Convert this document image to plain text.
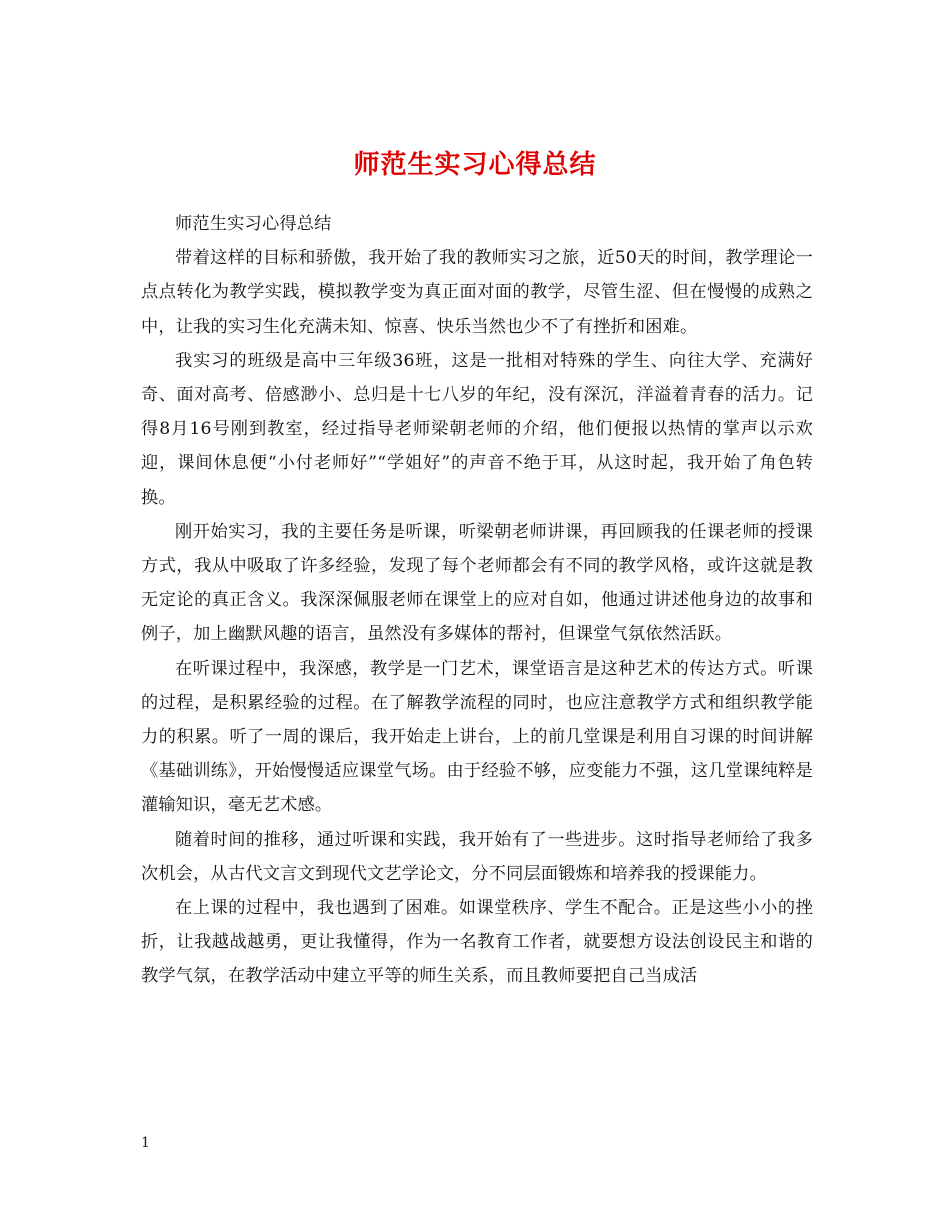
师范生实习心得总结

师范生实习心得总结

带着这样的目标和骄傲，我开始了我的教师实习之旅，近50天的时间，教学理论一点点转化为教学实践，模拟教学变为真正面对面的教学，尽管生涩、但在慢慢的成熟之中，让我的实习生化充满未知、惊喜、快乐当然也少不了有挫折和困难。

我实习的班级是高中三年级36班，这是一批相对特殊的学生、向往大学、充满好奇、面对高考、倍感渺小、总归是十七八岁的年纪，没有深沉，洋溢着青春的活力。记得8月16号刚到教室，经过指导老师梁朝老师的介绍，他们便报以热情的掌声以示欢迎，课间休息便“小付老师好”“学姐好”的声音不绝于耳，从这时起，我开始了角色转换。

刚开始实习，我的主要任务是听课，听梁朝老师讲课，再回顾我的任课老师的授课方式，我从中吸取了许多经验，发现了每个老师都会有不同的教学风格，或许这就是教无定论的真正含义。我深深佩服老师在课堂上的应对自如，他通过讲述他身边的故事和例子，加上幽默风趣的语言，虽然没有多媒体的帮衬，但课堂气氛依然活跃。

在听课过程中，我深感，教学是一门艺术，课堂语言是这种艺术的传达方式。听课的过程，是积累经验的过程。在了解教学流程的同时，也应注意教学方式和组织教学能力的积累。听了一周的课后，我开始走上讲台，上的前几堂课是利用自习课的时间讲解《基础训练》，开始慢慢适应课堂气场。由于经验不够，应变能力不强，这几堂课纯粹是灌输知识，毫无艺术感。

随着时间的推移，通过听课和实践，我开始有了一些进步。这时指导老师给了我多次机会，从古代文言文到现代文艺学论文，分不同层面锻炼和培养我的授课能力。

在上课的过程中，我也遇到了困难。如课堂秩序、学生不配合。正是这些小小的挫折，让我越战越勇，更让我懂得，作为一名教育工作者，就要想方设法创设民主和谐的教学气氛，在教学活动中建立平等的师生关系，而且教师要把自己当成活

1
